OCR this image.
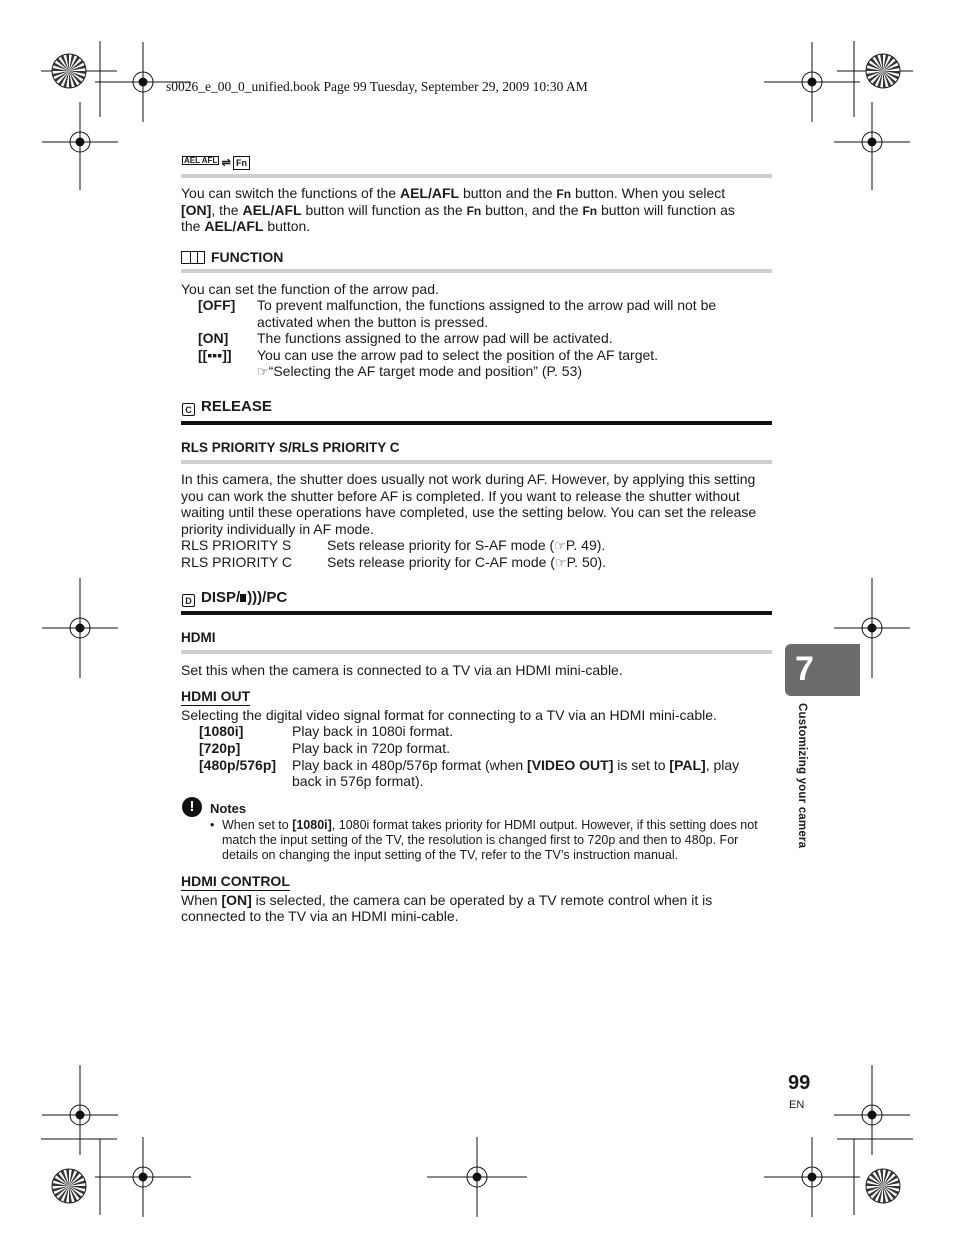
s0026_e_00_0_unified.book Page 99 Tuesday, September 29, 2009 10:30 AM
AEL AFL ⇌ Fn
You can switch the functions of the AEL/AFL button and the Fn button. When you select
[ON], the AEL/AFL button will function as the Fn button, and the Fn button will function as
the AEL/AFL button.
FUNCTION
You can set the function of the arrow pad.
[OFF] To prevent malfunction, the functions assigned to the arrow pad will not be
activated when the button is pressed.
[ON] The functions assigned to the arrow pad will be activated.
[[▪▪▪]] You can use the arrow pad to select the position of the AF target.
☞“Selecting the AF target mode and position” (P. 53)
C RELEASE
RLS PRIORITY S/RLS PRIORITY C
In this camera, the shutter does usually not work during AF. However, by applying this setting
you can work the shutter before AF is completed. If you want to release the shutter without
waiting until these operations have completed, use the setting below. You can set the release
priority individually in AF mode.
RLS PRIORITY S	Sets release priority for S-AF mode (☞P. 49).
RLS PRIORITY C	Sets release priority for C-AF mode (☞P. 50).
D DISP/ )))/PC
HDMI
Set this when the camera is connected to a TV via an HDMI mini-cable.
HDMI OUT
Selecting the digital video signal format for connecting to a TV via an HDMI mini-cable.
[1080i]	Play back in 1080i format.
[720p]	Play back in 720p format.
[480p/576p] Play back in 480p/576p format (when [VIDEO OUT] is set to [PAL], play
back in 576p format).
!	Notes
• When set to [1080i], 1080i format takes priority for HDMI output. However, if this setting does not match the input setting of the TV, the resolution is changed first to 720p and then to 480p. For details on changing the input setting of the TV, refer to the TV’s instruction manual.
HDMI CONTROL
When [ON] is selected, the camera can be operated by a TV remote control when it is
connected to the TV via an HDMI mini-cable.
7
Customizing your camera
99
EN
